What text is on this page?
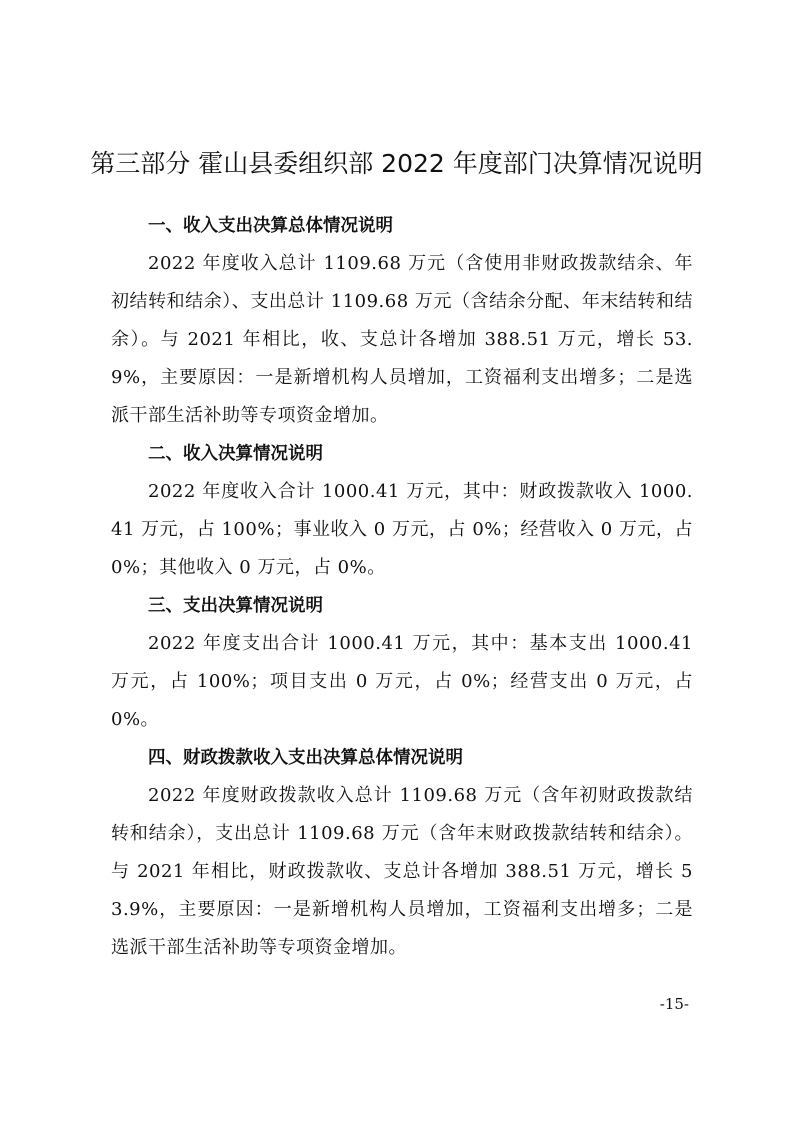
第三部分 霍山县委组织部 2022 年度部门决算情况说明
一、收入支出决算总体情况说明

2022 年度收入总计 1109.68 万元（含使用非财政拨款结余、年初结转和结余）、支出总计 1109.68 万元（含结余分配、年末结转和结余）。与 2021 年相比，收、支总计各增加 388.51 万元，增长 53.9%，主要原因：一是新增机构人员增加，工资福利支出增多；二是选派干部生活补助等专项资金增加。

二、收入决算情况说明

2022 年度收入合计 1000.41 万元，其中：财政拨款收入 1000.41 万元，占 100%；事业收入 0 万元，占 0%；经营收入 0 万元，占 0%；其他收入 0 万元，占 0%。

三、支出决算情况说明

2022 年度支出合计 1000.41 万元，其中：基本支出 1000.41 万元，占 100%；项目支出 0 万元，占 0%；经营支出 0 万元，占 0%。

四、财政拨款收入支出决算总体情况说明

2022 年度财政拨款收入总计 1109.68 万元（含年初财政拨款结转和结余），支出总计 1109.68 万元（含年末财政拨款结转和结余）。与 2021 年相比，财政拨款收、支总计各增加 388.51 万元，增长 53.9%，主要原因：一是新增机构人员增加，工资福利支出增多；二是选派干部生活补助等专项资金增加。

-15-
